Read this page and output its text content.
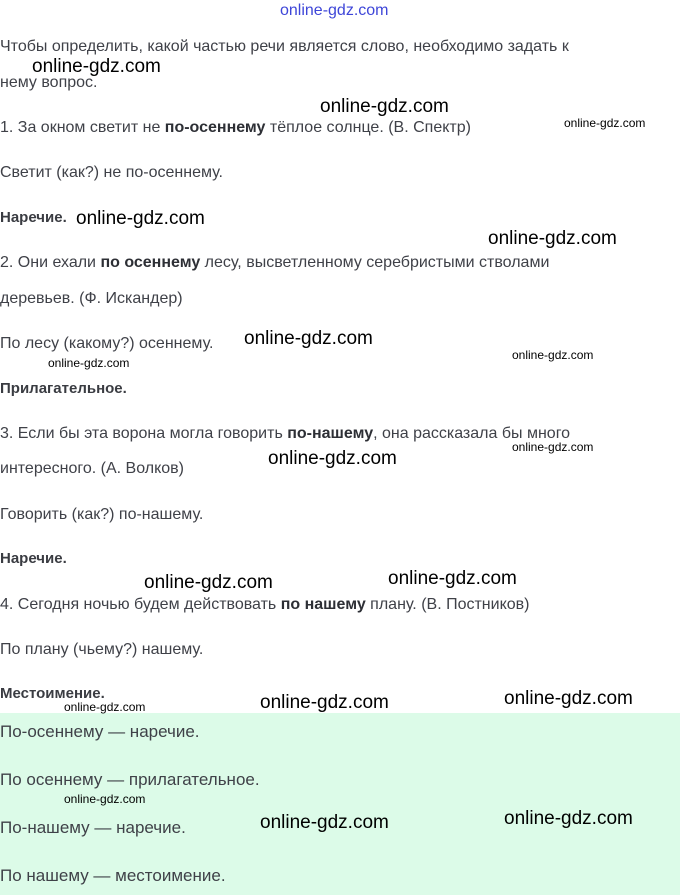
Чтобы определить, какой частью речи является слово, необходимо задать к
нему вопрос.
1. За окном светит не по-осеннему тёплое солнце. (В. Спектр)
Светит (как?) не по-осеннему.
Наречие.
2. Они ехали по осеннему лесу, высветленному серебристыми стволами
деревьев. (Ф. Искандер)
По лесу (какому?) осеннему.
Прилагательное.
3. Если бы эта ворона могла говорить по-нашему, она рассказала бы много
интересного. (А. Волков)
Говорить (как?) по-нашему.
Наречие.
4. Сегодня ночью будем действовать по нашему плану. (В. Постников)
По плану (чьему?) нашему.
Местоимение.
По-осеннему — наречие.
По осеннему — прилагательное.
По-нашему — наречие.
По нашему — местоимение.
online-gdz.com
online-gdz.com
online-gdz.com
online-gdz.com
online-gdz.com
online-gdz.com
online-gdz.com
online-gdz.com
online-gdz.com
online-gdz.com
online-gdz.com
online-gdz.com	online-gdz.com
online-gdz.com	online-gdz.com	online-gdz.com
online-gdz.com
online-gdz.com	online-gdz.com
